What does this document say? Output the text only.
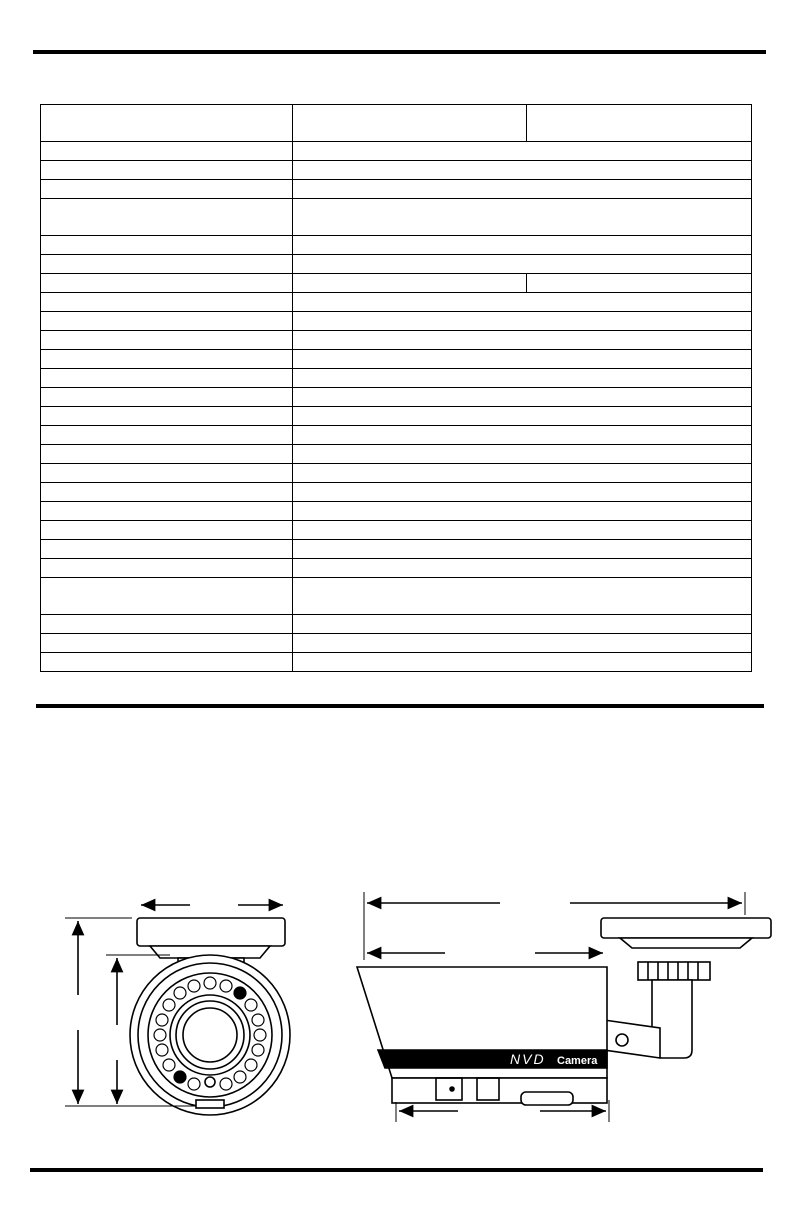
NVD Camera
